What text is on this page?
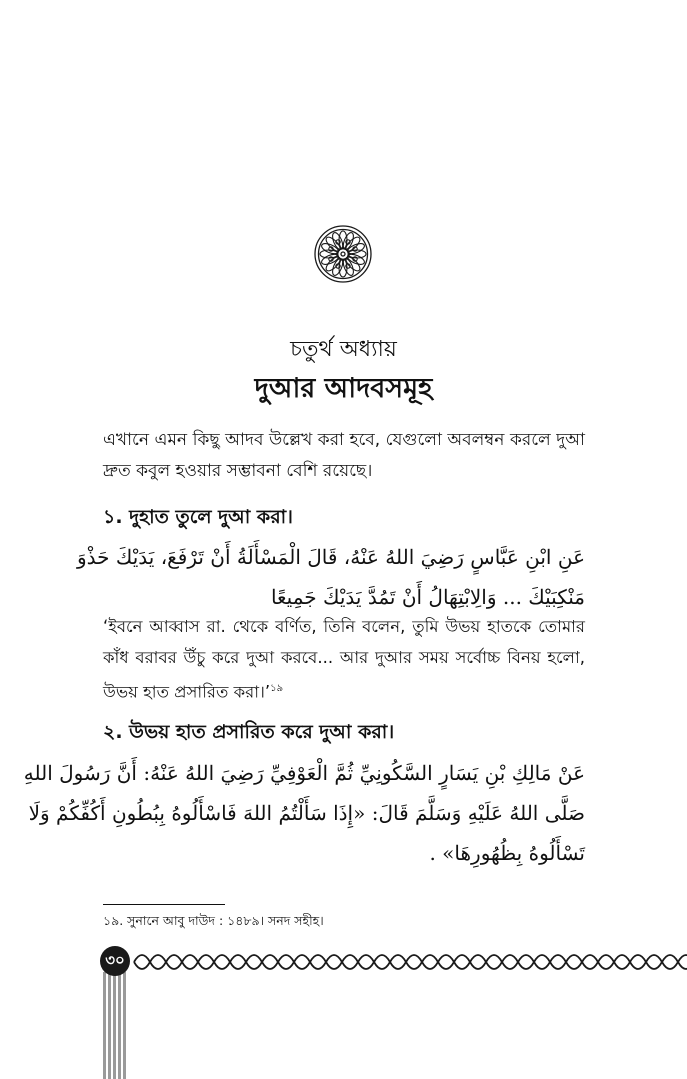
চতুর্থ অধ্যায়
দুআর আদবসমূহ
এখানে এমন কিছু আদব উল্লেখ করা হবে, যেগুলো অবলম্বন করলে দুআ দ্রুত কবুল হওয়ার সম্ভাবনা বেশি রয়েছে।
১. দুহাত তুলে দুআ করা।
عَنِ ابْنِ عَبَّاسٍ رَضِيَ اللهُ عَنْهُ، قَالَ الْمَسْأَلَةُ أَنْ تَرْفَعَ، يَدَيْكَ حَذْوَ
مَنْكِبَيْكَ ... وَالِابْتِهَالُ أَنْ تَمُدَّ يَدَيْكَ جَمِيعًا
‘ইবনে আব্বাস রা. থেকে বর্ণিত, তিনি বলেন, তুমি উভয় হাতকে তোমার কাঁধ বরাবর উঁচু করে দুআ করবে... আর দুআর সময় সর্বোচ্চ বিনয় হলো, উভয় হাত প্রসারিত করা।’$^{১৯}$
২. উভয় হাত প্রসারিত করে দুআ করা।
عَنْ مَالِكِ بْنِ يَسَارٍ السَّكُونِيِّ ثُمَّ الْعَوْفِيِّ رَضِيَ اللهُ عَنْهُ: أَنَّ رَسُولَ اللهِ
صَلَّى اللهُ عَلَيْهِ وَسَلَّمَ قَالَ: «إِذَا سَأَلْتُمُ اللهَ فَاسْأَلُوهُ بِبُطُونِ أَكُفِّكُمْ وَلَا
تَسْأَلُوهُ بِظُهُورِهَا» .
১৯. সুনানে আবু দাউদ : ১৪৮৯। সনদ সহীহ।
৩০
